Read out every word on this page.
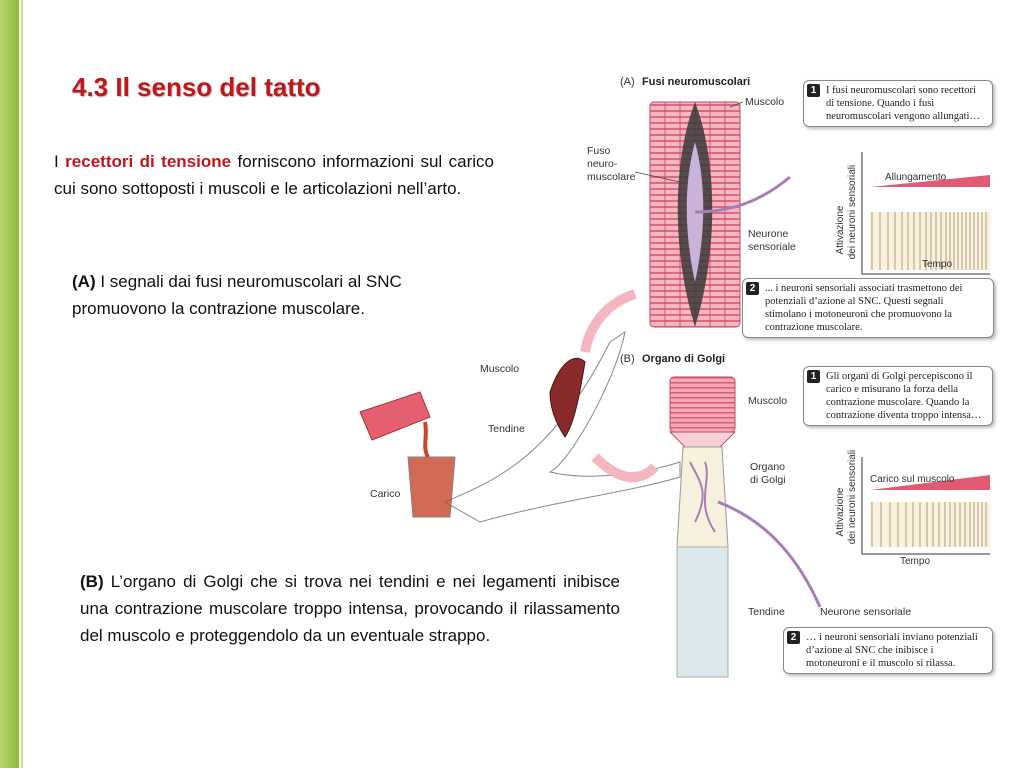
4.3 Il senso del tatto
I recettori di tensione forniscono informazioni sul carico cui sono sottoposti i muscoli e le articolazioni nell’arto.
(A) I segnali dai fusi neuromuscolari al SNC promuovono la contrazione muscolare.
(B) L’organo di Golgi che si trova nei tendini e nei legamenti inibisce una contrazione muscolare troppo intensa, provocando il rilassamento del muscolo e proteggendolo da un eventuale strappo.
(A) Fusi neuromuscolari
Muscolo
Fuso
neuro-
muscolare
Neurone
sensoriale	Attivazione dei neuroni sensoriali	Allungamento
Tempo
(B) Organo di Golgi
Muscolo
Tendine
Carico
Muscolo
Organo
di Golgi
Tendine	Neurone sensoriale
Attivazione dei neuroni sensoriali Carico sul muscolo
Tempo
1 I fusi neuromuscolari sono recettori di tensione. Quando i fusi neuromuscolari vengono allungati…
2 ... i neuroni sensoriali associati trasmettono dei potenziali d’azione al SNC. Questi segnali stimolano i motoneuroni che promuovono la contrazione muscolare.
1 Gli organi di Golgi percepiscono il carico e misurano la forza della contrazione muscolare. Quando la contrazione diventa troppo intensa…
2 … i neuroni sensoriali inviano potenziali d’azione al SNC che inibisce i motoneuroni e il muscolo si rilassa.
